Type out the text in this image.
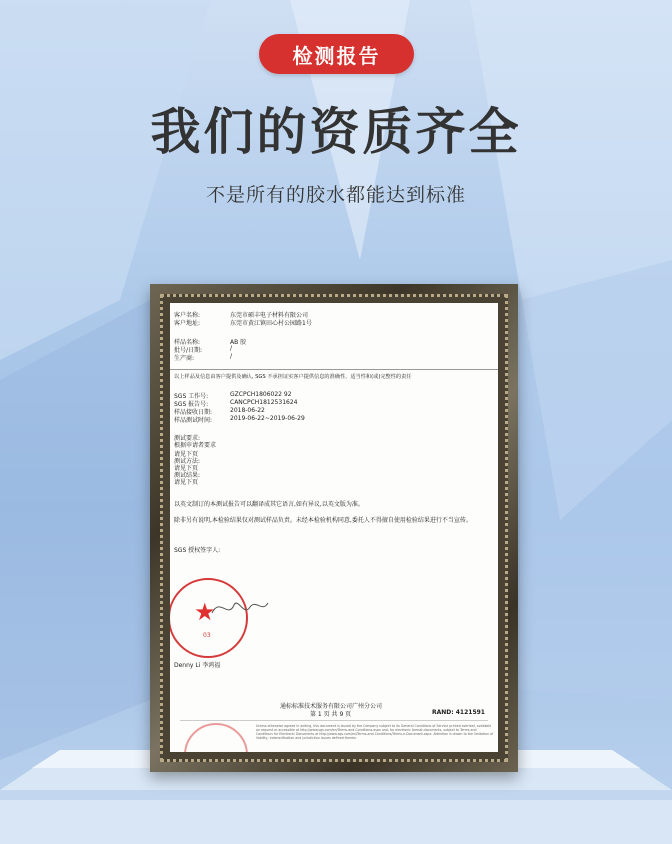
检测报告
我们的资质齐全
不是所有的胶水都能达到标准
客户名称:	东莞市硕丰电子材料有限公司
客户地址:	东莞市黄江镇田心村公园路1号
样品名称:	AB 胶
批号/日期:	/
生产商:	/
以上样品及信息由客户提供及确认, SGS 不承担证实客户提供信息的准确性、适当性和(或)完整性的责任
SGS 工作号:	GZCPCH1806022 92
SGS 报告号:	CANCPCH1812531624
样品接收日期:	2018-06-22
样品测试时间:	2019-06-22~2019-06-29
测试要求:
根据申请者要求
请见下页
测试方法:
请见下页
测试结果:
请见下页
以英文制订的本测试报告可以翻译成其它语言,如有异议,以英文版为准。
除非另有说明,本检验结果仅对测试样品负责。未经本检验机构同意,委托人不得擅自使用检验结果进行不当宣传。
SGS 授权签字人:
★
03
Denny Li 李鸿福
通标标准技术服务有限公司广州分公司
第 1 页 共 9 页	RAND: 4121591
Unless otherwise agreed in writing, this document is issued by the Company subject to its General Conditions of Service printed overleaf, available on request or accessible at http://www.sgs.com/en/Terms-and-Conditions.aspx and, for electronic format documents, subject to Terms and Conditions for Electronic Documents at http://www.sgs.com/en/Terms-and-Conditions/Terms-e-Document.aspx. Attention is drawn to the limitation of liability, indemnification and jurisdiction issues defined therein.
